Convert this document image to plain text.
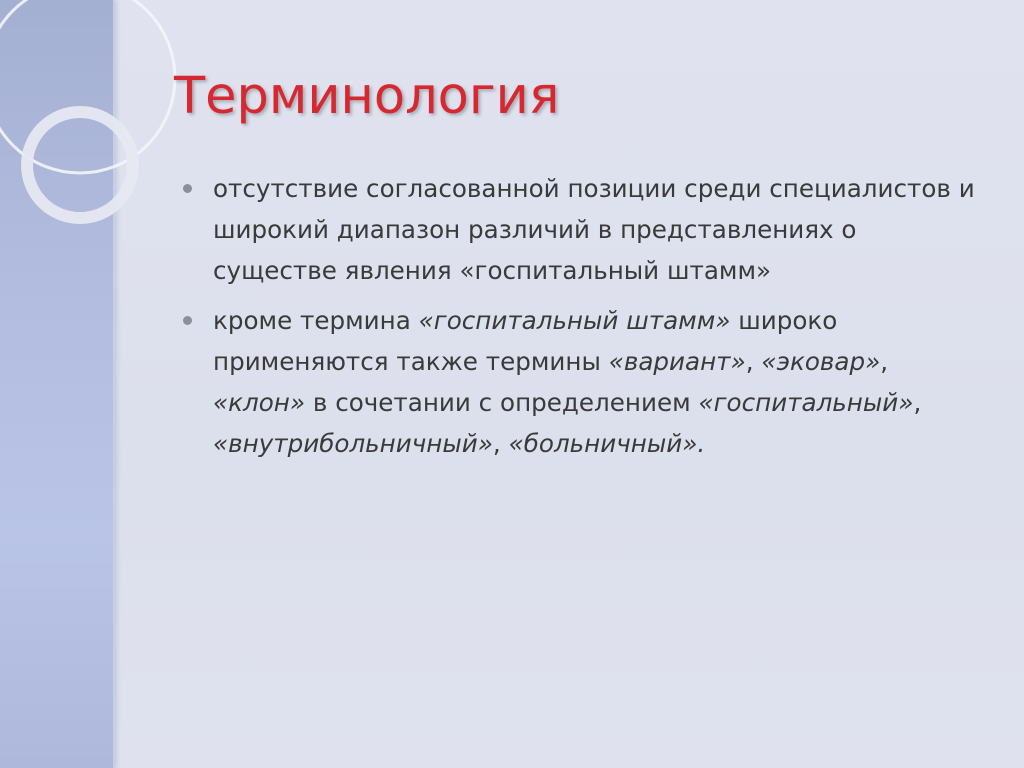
Терминология
отсутствие согласованной позиции среди специалистов и широкий диапазон различий в представлениях о существе явления «госпитальный штамм»
кроме термина «госпитальный штамм» широко применяются также термины «вариант», «эковар», «клон» в сочетании с определением «госпитальный», «внутрибольничный», «больничный».
